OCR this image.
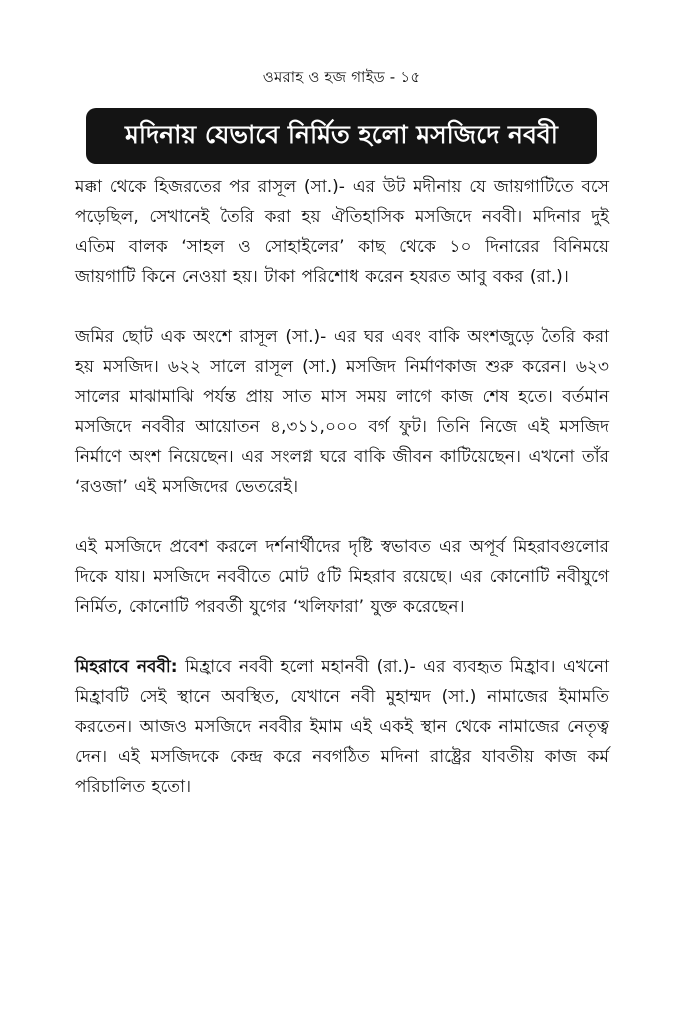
ওমরাহ ও হজ গাইড - ১৫
মদিনায় যেভাবে নির্মিত হলো মসজিদে নববী

মক্কা থেকে হিজরতের পর রাসূল (সা.)- এর উট মদীনায় যে জায়গাটিতে বসে পড়েছিল, সেখানেই তৈরি করা হয় ঐতিহাসিক মসজিদে নববী। মদিনার দুই এতিম বালক ‘সাহল ও সোহাইলের’ কাছ থেকে ১০ দিনারের বিনিময়ে জায়গাটি কিনে নেওয়া হয়। টাকা পরিশোধ করেন হযরত আবু বকর (রা.)।

জমির ছোট এক অংশে রাসূল (সা.)- এর ঘর এবং বাকি অংশজুড়ে তৈরি করা হয় মসজিদ। ৬২২ সালে রাসূল (সা.) মসজিদ নির্মাণকাজ শুরু করেন। ৬২৩ সালের মাঝামাঝি পর্যন্ত প্রায় সাত মাস সময় লাগে কাজ শেষ হতে। বর্তমান মসজিদে নববীর আয়োতন ৪,৩১১,০০০ বর্গ ফুট। তিনি নিজে এই মসজিদ নির্মাণে অংশ নিয়েছেন। এর সংলগ্ন ঘরে বাকি জীবন কাটিয়েছেন। এখনো তাঁর ‘রওজা’ এই মসজিদের ভেতরেই।

এই মসজিদে প্রবেশ করলে দর্শনার্থীদের দৃষ্টি স্বভাবত এর অপূর্ব মিহরাবগুলোর দিকে যায়। মসজিদে নববীতে মোট ৫টি মিহরাব রয়েছে। এর কোনোটি নবীযুগে নির্মিত, কোনোটি পরবর্তী যুগের ‘খলিফারা’ যুক্ত করেছেন।

মিহরাবে নববী: মিহ্রাবে নববী হলো মহানবী (রা.)- এর ব্যবহৃত মিহ্রাব। এখনো মিহ্রাবটি সেই স্থানে অবস্থিত, যেখানে নবী মুহাম্মদ (সা.) নামাজের ইমামতি করতেন। আজও মসজিদে নববীর ইমাম এই একই স্থান থেকে নামাজের নেতৃত্ব দেন। এই মসজিদকে কেন্দ্র করে নবগঠিত মদিনা রাষ্ট্রের যাবতীয় কাজ কর্ম পরিচালিত হতো।
